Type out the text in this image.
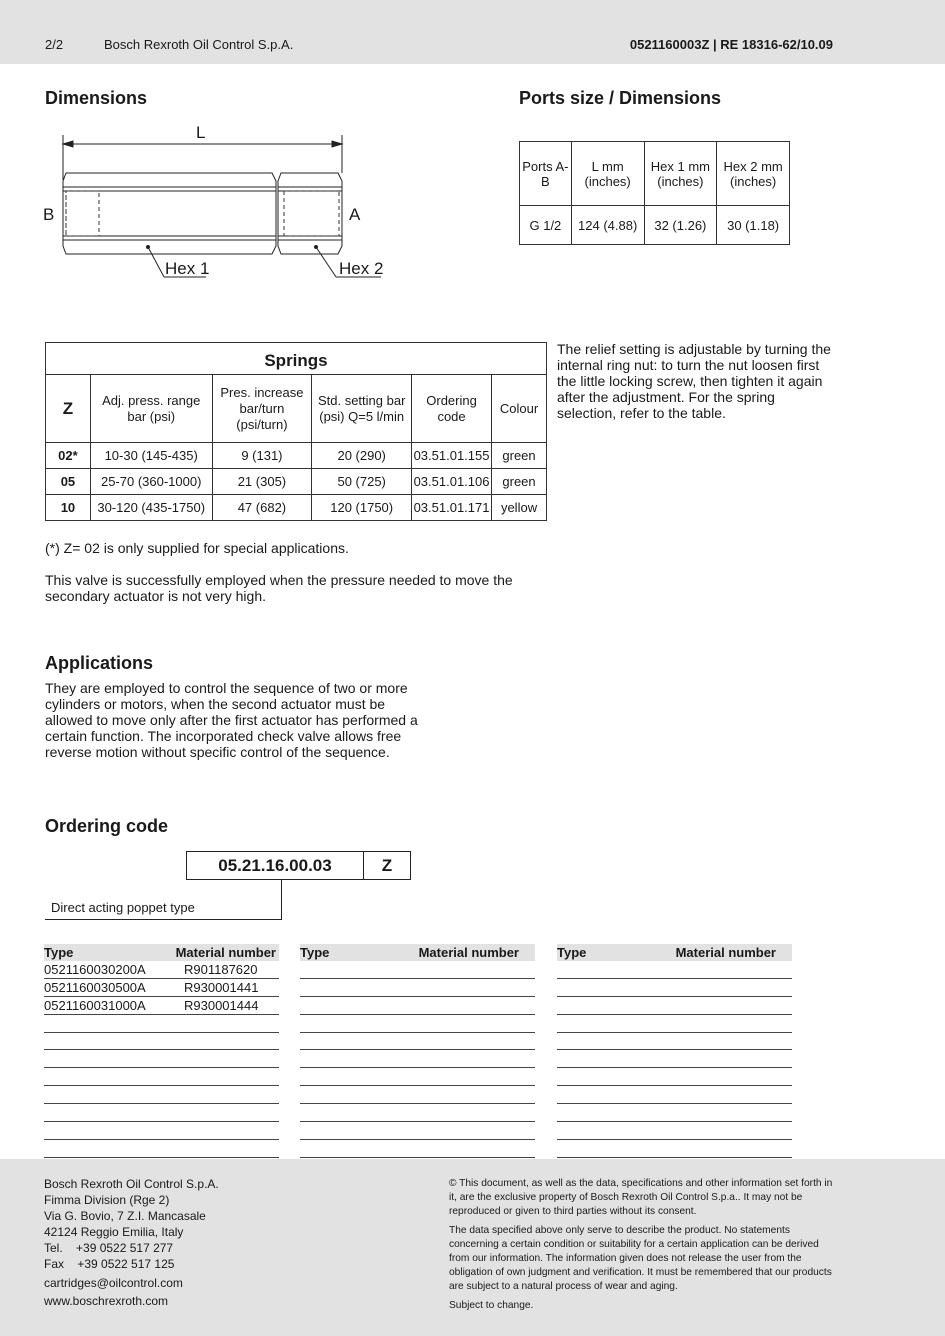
2/2	Bosch Rexroth Oil Control S.p.A.	0521160003Z | RE 18316-62/10.09
Dimensions
L
B	A
Hex 1	Hex 2
Ports size / Dimensions
Ports A-B	L mm (inches)	Hex 1 mm (inches)	Hex 2 mm (inches)
G 1/2	124 (4.88)	32 (1.26)	30 (1.18)
Springs					
Z	Adj. press. range bar (psi)	Pres. increase bar/turn (psi/turn)	Std. setting bar (psi) Q=5 l/min	Ordering code	Colour
02*	10-30 (145-435)	9 (131)	20 (290)	03.51.01.155	green
05	25-70 (360-1000)	21 (305)	50 (725)	03.51.01.106	green
10	30-120 (435-1750)	47 (682)	120 (1750)	03.51.01.171	yellow

The relief setting is adjustable by turning the internal ring nut: to turn the nut loosen first the little locking screw, then tighten it again after the adjustment. For the spring selection, refer to the table.

(*) Z= 02 is only supplied for special applications.

This valve is successfully employed when the pressure needed to move the secondary actuator is not very high.

Applications

They are employed to control the sequence of two or more cylinders or motors, when the second actuator must be allowed to move only after the first actuator has performed a certain function. The incorporated check valve allows free reverse motion without specific control of the sequence.

Ordering code
05.21.16.00.03	Z
Direct acting poppet type
Type	Material number
0521160030200A	R901187620
0521160030500A	R930001441
0521160031000A	R930001444
Type	Material number	Type	Material number
Bosch Rexroth Oil Control S.p.A.
Fimma Division (Rge 2)
Via G. Bovio, 7 Z.I. Mancasale
42124 Reggio Emilia, Italy
Tel.    +39 0522 517 277
Fax    +39 0522 517 125
cartridges@oilcontrol.com
www.boschrexroth.com

© This document, as well as the data, specifications and other information set forth in it, are the exclusive property of Bosch Rexroth Oil Control S.p.a.. It may not be reproduced or given to third parties without its consent.

The data specified above only serve to describe the product. No statements concerning a certain condition or suitability for a certain application can be derived from our information. The information given does not release the user from the obligation of own judgment and verification. It must be remembered that our products are subject to a natural process of wear and aging.

Subject to change.
